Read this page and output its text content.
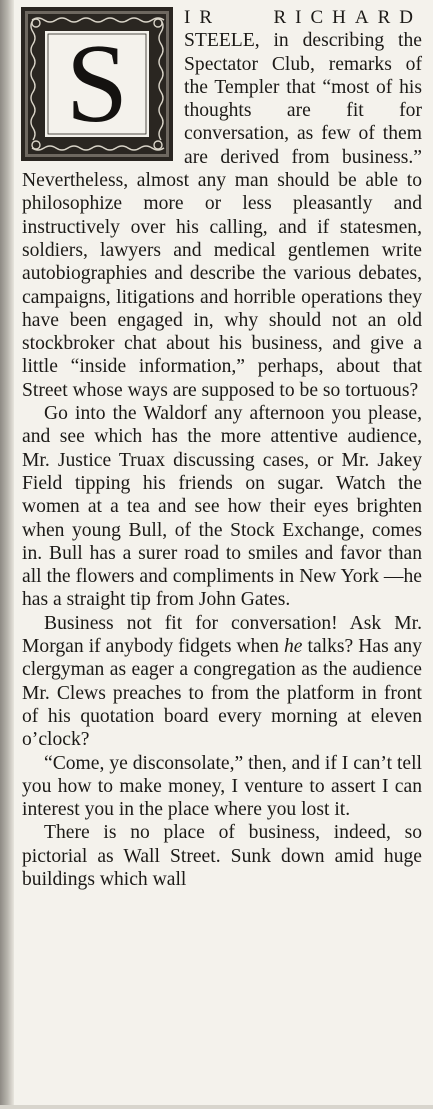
S
IR RICHARD STEELE, in describing the Spectator Club, remarks of the Templer that “most of his thoughts are fit for conversation, as few of them are derived from business.” Nevertheless, almost any man should be able to philosophize more or less pleasantly and instructively over his calling, and if statesmen, soldiers, lawyers and medical gentlemen write autobiographies and describe the various debates, campaigns, litigations and horrible operations they have been engaged in, why should not an old stockbroker chat about his business, and give a little “inside information,” perhaps, about that Street whose ways are supposed to be so tortuous?

Go into the Waldorf any afternoon you please, and see which has the more attentive audience, Mr. Justice Truax discussing cases, or Mr. Jakey Field tipping his friends on sugar. Watch the women at a tea and see how their eyes brighten when young Bull, of the Stock Exchange, comes in. Bull has a surer road to smiles and favor than all the flowers and compliments in New York —he has a straight tip from John Gates.

Business not fit for conversation! Ask Mr. Morgan if anybody fidgets when he talks? Has any clergyman as eager a congregation as the audience Mr. Clews preaches to from the platform in front of his quotation board every morning at eleven o’clock?

“Come, ye disconsolate,” then, and if I can’t tell you how to make money, I venture to assert I can interest you in the place where you lost it.

There is no place of business, indeed, so pictorial as Wall Street. Sunk down amid huge buildings which wall
